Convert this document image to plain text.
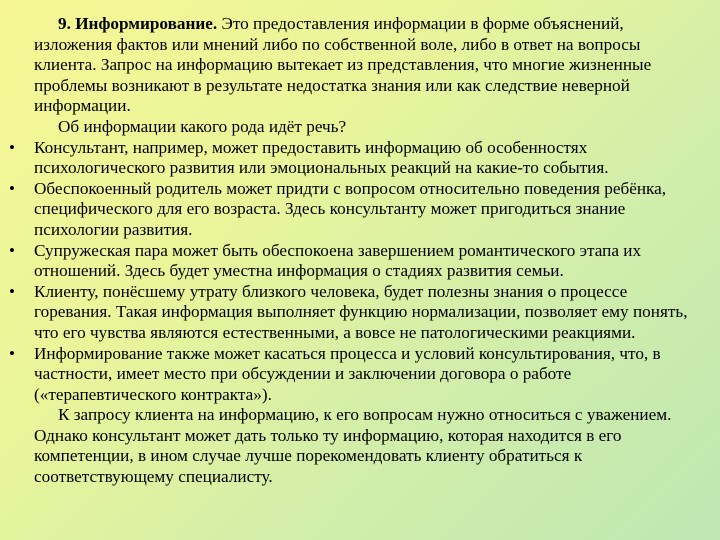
9. Информирование. Это предоставления информации в форме объяснений, изложения фактов или мнений либо по собственной воле, либо в ответ на вопросы клиента. Запрос на информацию вытекает из представления, что многие жизненные проблемы возникают в результате недостатка знания или как следствие неверной информации.

Об информации какого рода идёт речь?

• Консультант, например, может предоставить информацию об особенностях психологического развития или эмоциональных реакций на какие-то события.
• Обеспокоенный родитель может придти с вопросом относительно поведения ребёнка, специфического для его возраста. Здесь консультанту может пригодиться знание психологии развития.
• Супружеская пара может быть обеспокоена завершением романтического этапа их отношений. Здесь будет уместна информация о стадиях развития семьи.
• Клиенту, понёсшему утрату близкого человека, будет полезны знания о процессе горевания. Такая информация выполняет функцию нормализации, позволяет ему понять, что его чувства являются естественными, а вовсе не патологическими реакциями.
• Информирование также может касаться процесса и условий консультирования, что, в частности, имеет место при обсуждении и заключении договора о работе («терапевтического контракта»).

К запросу клиента на информацию, к его вопросам нужно относиться с уважением. Однако консультант может дать только ту информацию, которая находится в его компетенции, в ином случае лучше порекомендовать клиенту обратиться к соответствующему специалисту.
